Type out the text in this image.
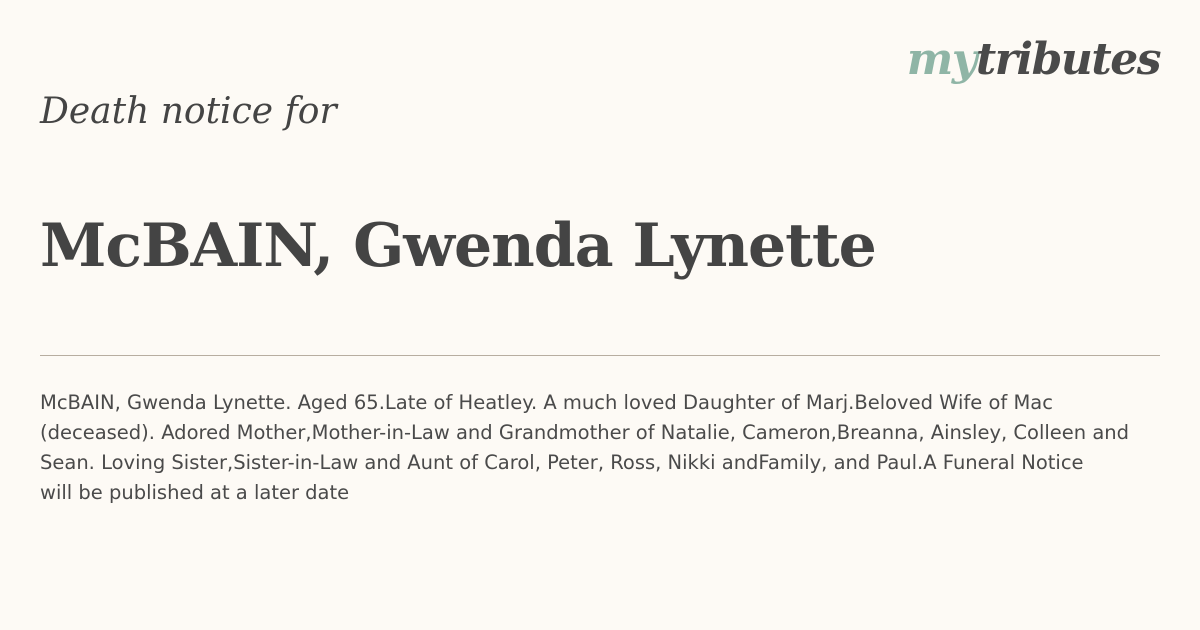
mytributes
Death notice for
McBAIN, Gwenda Lynette
McBAIN, Gwenda Lynette. Aged 65.Late of Heatley. A much loved Daughter of Marj.Beloved Wife of Mac
(deceased). Adored Mother,Mother-in-Law and Grandmother of Natalie, Cameron,Breanna, Ainsley, Colleen and
Sean. Loving Sister,Sister-in-Law and Aunt of Carol, Peter, Ross, Nikki andFamily, and Paul.A Funeral Notice
will be published at a later date
